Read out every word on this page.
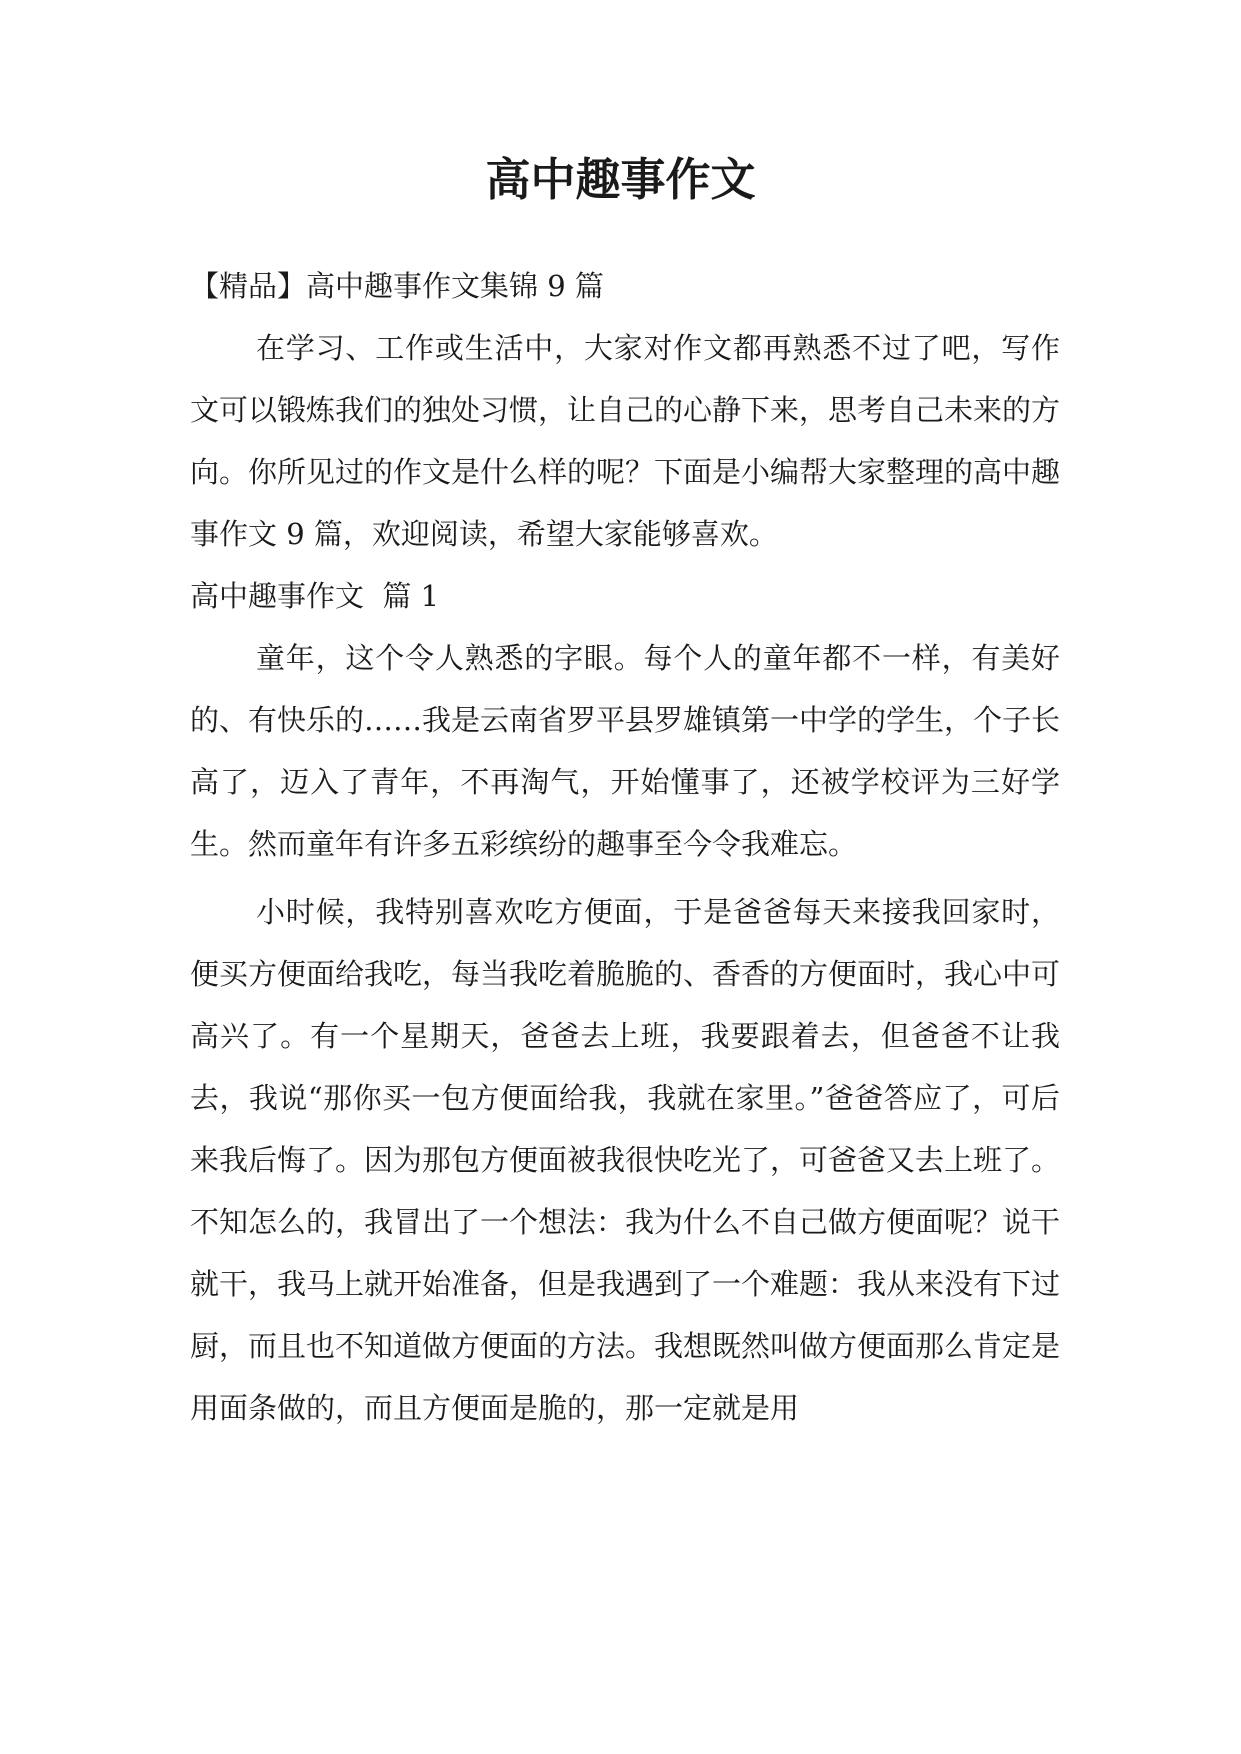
高中趣事作文

【精品】高中趣事作文集锦 9 篇

在学习、工作或生活中，大家对作文都再熟悉不过了吧，写作文可以锻炼我们的独处习惯，让自己的心静下来，思考自己未来的方向。你所见过的作文是什么样的呢？下面是小编帮大家整理的高中趣事作文 9 篇，欢迎阅读，希望大家能够喜欢。

高中趣事作文  篇 1

童年，这个令人熟悉的字眼。每个人的童年都不一样，有美好的、有快乐的……我是云南省罗平县罗雄镇第一中学的学生，个子长高了，迈入了青年，不再淘气，开始懂事了，还被学校评为三好学生。然而童年有许多五彩缤纷的趣事至今令我难忘。

小时候，我特别喜欢吃方便面，于是爸爸每天来接我回家时，便买方便面给我吃，每当我吃着脆脆的、香香的方便面时，我心中可高兴了。有一个星期天，爸爸去上班，我要跟着去，但爸爸不让我去，我说“那你买一包方便面给我，我就在家里。”爸爸答应了，可后来我后悔了。因为那包方便面被我很快吃光了，可爸爸又去上班了。不知怎么的，我冒出了一个想法：我为什么不自己做方便面呢？说干就干，我马上就开始准备，但是我遇到了一个难题：我从来没有下过厨，而且也不知道做方便面的方法。我想既然叫做方便面那么肯定是用面条做的，而且方便面是脆的，那一定就是用
